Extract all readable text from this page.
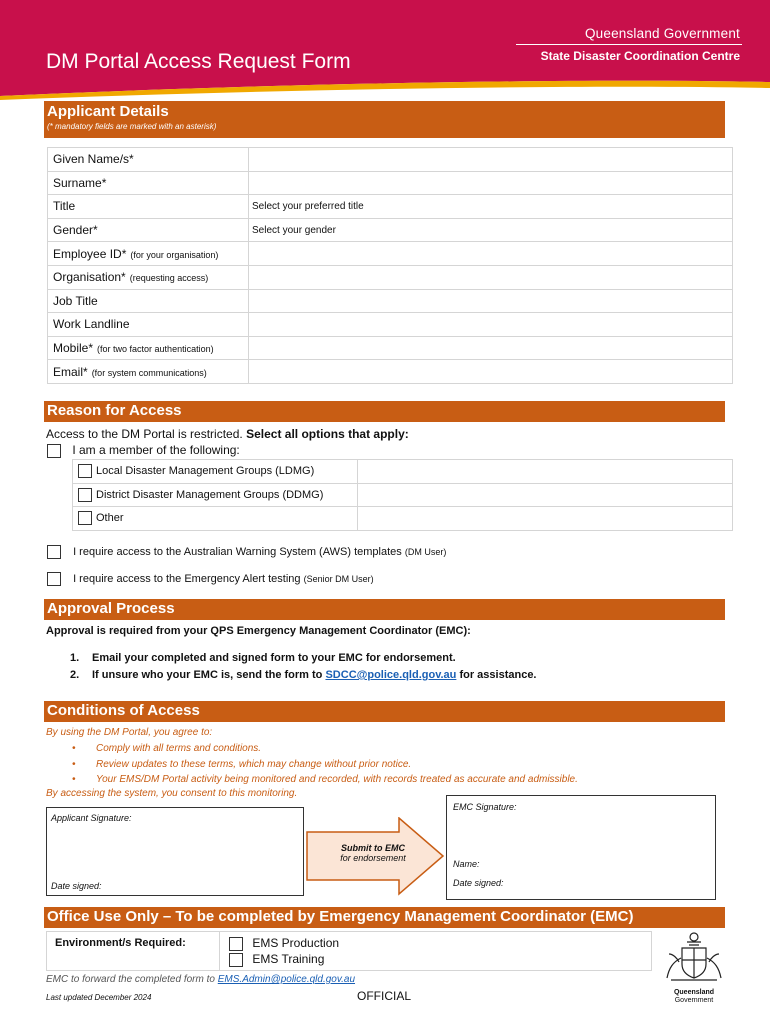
Queensland Government
State Disaster Coordination Centre
DM Portal Access Request Form
Applicant Details
(* mandatory fields are marked with an asterisk)
Given Name/s*	
Surname*	
Title	Select your preferred title
Gender*	Select your gender
Employee ID* (for your organisation)	
Organisation* (requesting access)	
Job Title	
Work Landline	
Mobile* (for two factor authentication)	
Email* (for system communications)	
Reason for Access
Access to the DM Portal is restricted. Select all options that apply:
I am a member of the following:
Local Disaster Management Groups (LDMG)	
District Disaster Management Groups (DDMG)	
Other	
I require access to the Australian Warning System (AWS) templates (DM User)
I require access to the Emergency Alert testing (Senior DM User)
Approval Process
Approval is required from your QPS Emergency Management Coordinator (EMC):
1. Email your completed and signed form to your EMC for endorsement.
2. If unsure who your EMC is, send the form to SDCC@police.qld.gov.au for assistance.
Conditions of Access
By using the DM Portal, you agree to:
• Comply with all terms and conditions.
• Review updates to these terms, which may change without prior notice.
• Your EMS/DM Portal activity being monitored and recorded, with records treated as accurate and admissible.
By accessing the system, you consent to this monitoring.
Applicant Signature:
Date signed:
Submit to EMC
for endorsement
EMC Signature:
Name:
Date signed:
Office Use Only – To be completed by Emergency Management Coordinator (EMC)
Environment/s Required:	EMS Production
EMS Training
EMC to forward the completed form to EMS.Admin@police.qld.gov.au
Last updated December 2024	OFFICIAL	Queensland
Government
